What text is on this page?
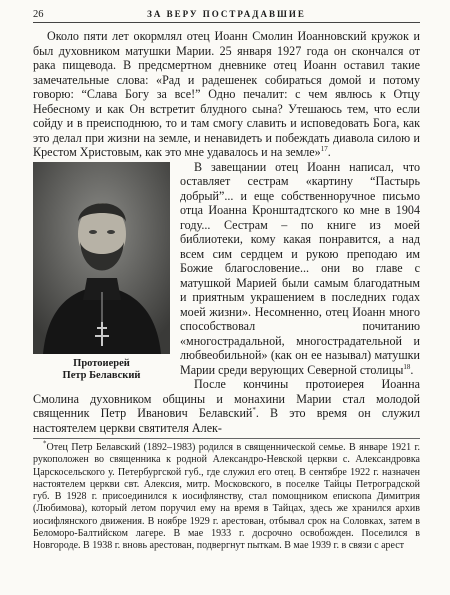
26	ЗА ВЕРУ ПОСТРАДАВШИЕ

Около пяти лет окормлял отец Иоанн Смолин Иоанновский кружок и был духовником матушки Марии. 25 января 1927 года он скончался от рака пищевода. В предсмертном дневнике отец Иоанн оставил такие замечательные слова: «Рад и радешенек собираться домой и потому говорю: “Слава Богу за все!” Одно печалит: с чем явлюсь к Отцу Небесному и как Он встретит блудного сына? Утешаюсь тем, что если сойду и в преисподнюю, то и там смогу славить и исповедовать Бога, как это делал при жизни на земле, и ненавидеть и побеждать диавола силою и Крестом Христовым, как это мне удавалось и на земле»$^{17}$.

Протоиерей
Петр Белавский

В завещании отец Иоанн написал, что оставляет сестрам «картину “Пастырь добрый”... и еще собственноручное письмо отца Иоанна Кронштадтского ко мне в 1904 году... Сестрам – по книге из моей библиотеки, кому какая понравится, а над всем сим сердцем и рукою преподаю им Божие благословение... они во главе с матушкой Марией были самым благодатным и приятным украшением в последних годах моей жизни». Несомненно, отец Иоанн много способствовал почитанию «многострадальной, многострадательной и любвеобильной» (как он ее называл) матушки Марии среди верующих Северной столицы$^{18}$.

После кончины протоиерея Иоанна Смолина духовником общины и монахини Марии стал молодой священник Петр Иванович Белавский*. В это время он служил настоятелем церкви святителя Алек-

*Отец Петр Белавский (1892–1983) родился в священнической семье. В январе 1921 г. рукоположен во священника к родной Александро-Невской церкви с. Александровка Царскосельского у. Петербургской губ., где служил его отец. В сентябре 1922 г. назначен настоятелем церкви свт. Алексия, митр. Московского, в поселке Тайцы Петроградской губ. В 1928 г. присоединился к иосифлянству, стал помощником епископа Димитрия (Любимова), который летом поручил ему на время в Тайцах, здесь же хранился архив иосифлянского движения. В ноябре 1929 г. арестован, отбывал срок на Соловках, затем в Беломоро-Балтийском лагере. В мае 1933 г. досрочно освобожден. Поселился в Новгороде. В 1938 г. вновь арестован, подвергнут пыткам. В мае 1939 г. в связи с арест
